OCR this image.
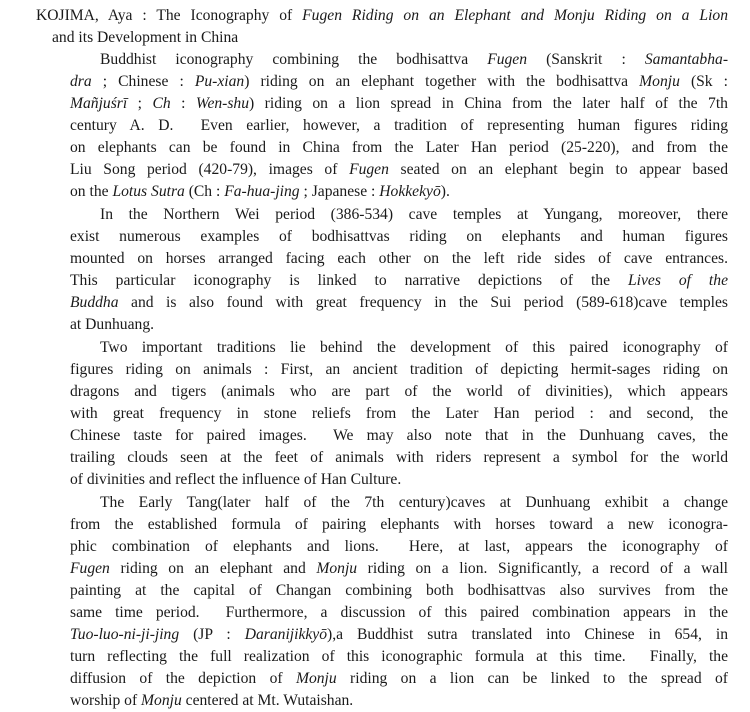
KOJIMA, Aya : The Iconography of Fugen Riding on an Elephant and Monju Riding on a Lion
and its Development in China
Buddhist iconography combining the bodhisattva Fugen (Sanskrit : Samantabha-
dra ; Chinese : Pu-xian) riding on an elephant together with the bodhisattva Monju (Sk :
Mañjuśrī ; Ch : Wen-shu) riding on a lion spread in China from the later half of the 7th
century A. D.  Even earlier, however, a tradition of representing human figures riding
on elephants can be found in China from the Later Han period (25-220), and from the
Liu Song period (420-79), images of Fugen seated on an elephant begin to appear based
on the Lotus Sutra (Ch : Fa-hua-jing ; Japanese : Hokkekyō).
In the Northern Wei period (386-534) cave temples at Yungang, moreover, there
exist numerous examples of bodhisattvas riding on elephants and human figures
mounted on horses arranged facing each other on the left ride sides of cave entrances.
This particular iconography is linked to narrative depictions of the Lives of the
Buddha and is also found with great frequency in the Sui period (589-618)cave temples
at Dunhuang.
Two important traditions lie behind the development of this paired iconography of
figures riding on animals : First, an ancient tradition of depicting hermit-sages riding on
dragons and tigers (animals who are part of the world of divinities), which appears
with great frequency in stone reliefs from the Later Han period : and second, the
Chinese taste for paired images.  We may also note that in the Dunhuang caves, the
trailing clouds seen at the feet of animals with riders represent a symbol for the world
of divinities and reflect the influence of Han Culture.
The Early Tang(later half of the 7th century)caves at Dunhuang exhibit a change
from the established formula of pairing elephants with horses toward a new iconogra-
phic combination of elephants and lions.  Here, at last, appears the iconography of
Fugen riding on an elephant and Monju riding on a lion. Significantly, a record of a wall
painting at the capital of Changan combining both bodhisattvas also survives from the
same time period.  Furthermore, a discussion of this paired combination appears in the
Tuo-luo-ni-ji-jing (JP : Daranijikkyō),a Buddhist sutra translated into Chinese in 654, in
turn reflecting the full realization of this iconographic formula at this time.  Finally, the
diffusion of the depiction of Monju riding on a lion can be linked to the spread of
worship of Monju centered at Mt. Wutaishan.
